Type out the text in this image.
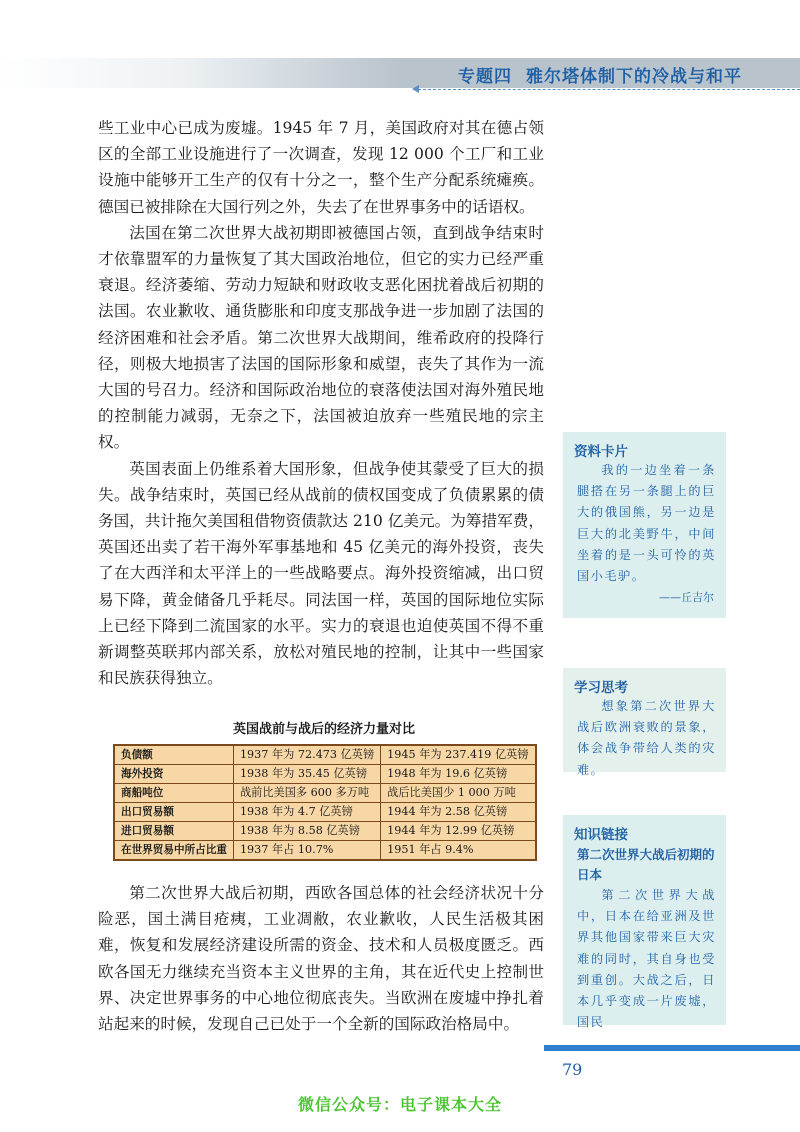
专题四 雅尔塔体制下的冷战与和平

些工业中心已成为废墟。1945 年 7 月，美国政府对其在德占领区的全部工业设施进行了一次调查，发现 12 000 个工厂和工业设施中能够开工生产的仅有十分之一，整个生产分配系统瘫痪。德国已被排除在大国行列之外，失去了在世界事务中的话语权。

法国在第二次世界大战初期即被德国占领，直到战争结束时才依靠盟军的力量恢复了其大国政治地位，但它的实力已经严重衰退。经济萎缩、劳动力短缺和财政收支恶化困扰着战后初期的法国。农业歉收、通货膨胀和印度支那战争进一步加剧了法国的经济困难和社会矛盾。第二次世界大战期间，维希政府的投降行径，则极大地损害了法国的国际形象和威望，丧失了其作为一流大国的号召力。经济和国际政治地位的衰落使法国对海外殖民地的控制能力减弱，无奈之下，法国被迫放弃一些殖民地的宗主权。

英国表面上仍维系着大国形象，但战争使其蒙受了巨大的损失。战争结束时，英国已经从战前的债权国变成了负债累累的债务国，共计拖欠美国租借物资债款达 210 亿美元。为筹措军费，英国还出卖了若干海外军事基地和 45 亿美元的海外投资，丧失了在大西洋和太平洋上的一些战略要点。海外投资缩减，出口贸易下降，黄金储备几乎耗尽。同法国一样，英国的国际地位实际上已经下降到二流国家的水平。实力的衰退也迫使英国不得不重新调整英联邦内部关系，放松对殖民地的控制，让其中一些国家和民族获得独立。

英国战前与战后的经济力量对比
负债额	1937 年为 72.473 亿英镑	1945 年为 237.419 亿英镑
海外投资	1938 年为 35.45 亿英镑	1948 年为 19.6 亿英镑
商船吨位	战前比美国多 600 多万吨	战后比美国少 1 000 万吨
出口贸易额	1938 年为 4.7 亿英镑	1944 年为 2.58 亿英镑
进口贸易额	1938 年为 8.58 亿英镑	1944 年为 12.99 亿英镑
在世界贸易中所占比重	1937 年占 10.7%	1951 年占 9.4%

第二次世界大战后初期，西欧各国总体的社会经济状况十分险恶，国土满目疮痍，工业凋敝，农业歉收，人民生活极其困难，恢复和发展经济建设所需的资金、技术和人员极度匮乏。西欧各国无力继续充当资本主义世界的主角，其在近代史上控制世界、决定世界事务的中心地位彻底丧失。当欧洲在废墟中挣扎着站起来的时候，发现自己已处于一个全新的国际政治格局中。

资料卡片
我的一边坐着一条腿搭在另一条腿上的巨大的俄国熊，另一边是巨大的北美野牛，中间坐着的是一头可怜的英国小毛驴。
——丘吉尔
学习思考
想象第二次世界大战后欧洲衰败的景象，体会战争带给人类的灾难。
知识链接
第二次世界大战后初期的日本
第二次世界大战中，日本在给亚洲及世界其他国家带来巨大灾难的同时，其自身也受到重创。大战之后，日本几乎变成一片废墟，国民
79
微信公众号：电子课本大全
